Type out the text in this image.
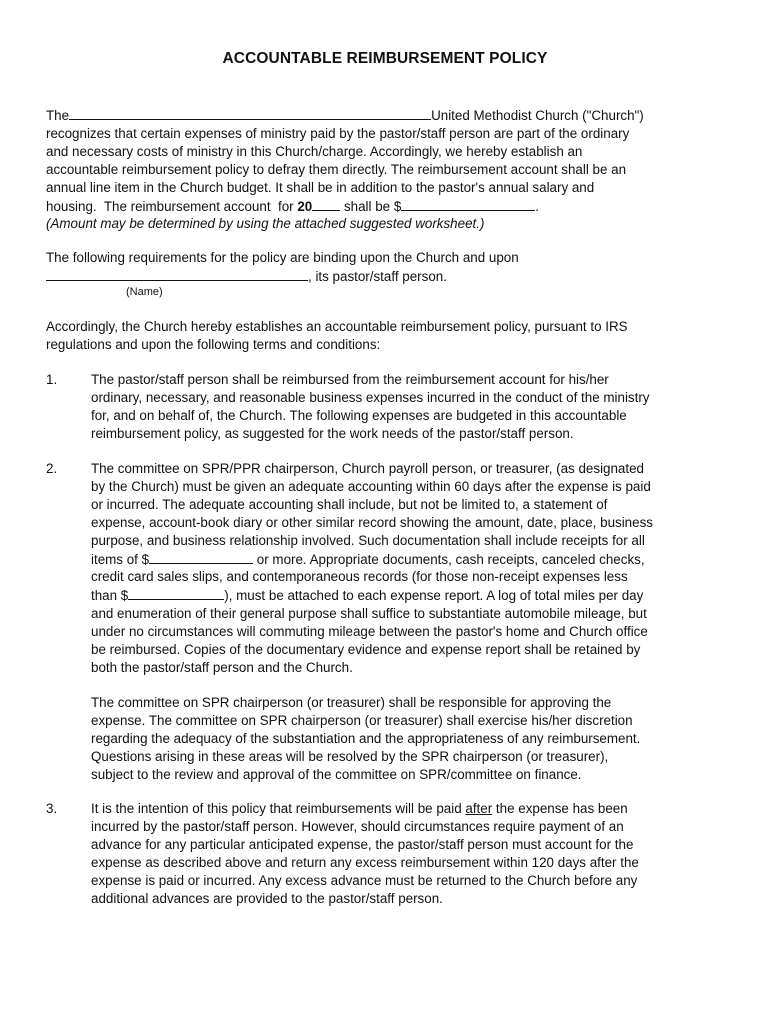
ACCOUNTABLE REIMBURSEMENT POLICY
The	United Methodist Church ("Church")
recognizes that certain expenses of ministry paid by the pastor/staff person are part of the ordinary
and necessary costs of ministry in this Church/charge. Accordingly, we hereby establish an
accountable reimbursement policy to defray them directly. The reimbursement account shall be an
annual line item in the Church budget. It shall be in addition to the pastor's annual salary and
housing.  The reimbursement account  for 20 shall be $	.
(Amount may be determined by using the attached suggested worksheet.)
The following requirements for the policy are binding upon the Church and upon
, its pastor/staff person.
(Name)
Accordingly, the Church hereby establishes an accountable reimbursement policy, pursuant to IRS
regulations and upon the following terms and conditions:
1.	The pastor/staff person shall be reimbursed from the reimbursement account for his/her
ordinary, necessary, and reasonable business expenses incurred in the conduct of the ministry
for, and on behalf of, the Church. The following expenses are budgeted in this accountable
reimbursement policy, as suggested for the work needs of the pastor/staff person.
2.	The committee on SPR/PPR chairperson, Church payroll person, or treasurer, (as designated
by the Church) must be given an adequate accounting within 60 days after the expense is paid
or incurred. The adequate accounting shall include, but not be limited to, a statement of
expense, account-book diary or other similar record showing the amount, date, place, business
purpose, and business relationship involved. Such documentation shall include receipts for all
items of $	or more. Appropriate documents, cash receipts, canceled checks,
credit card sales slips, and contemporaneous records (for those non-receipt expenses less
than $	), must be attached to each expense report. A log of total miles per day
and enumeration of their general purpose shall suffice to substantiate automobile mileage, but
under no circumstances will commuting mileage between the pastor's home and Church office
be reimbursed. Copies of the documentary evidence and expense report shall be retained by
both the pastor/staff person and the Church.
The committee on SPR chairperson (or treasurer) shall be responsible for approving the
expense. The committee on SPR chairperson (or treasurer) shall exercise his/her discretion
regarding the adequacy of the substantiation and the appropriateness of any reimbursement.
Questions arising in these areas will be resolved by the SPR chairperson (or treasurer),
subject to the review and approval of the committee on SPR/committee on finance.
3.	It is the intention of this policy that reimbursements will be paid after the expense has been
incurred by the pastor/staff person. However, should circumstances require payment of an
advance for any particular anticipated expense, the pastor/staff person must account for the
expense as described above and return any excess reimbursement within 120 days after the
expense is paid or incurred. Any excess advance must be returned to the Church before any
additional advances are provided to the pastor/staff person.
